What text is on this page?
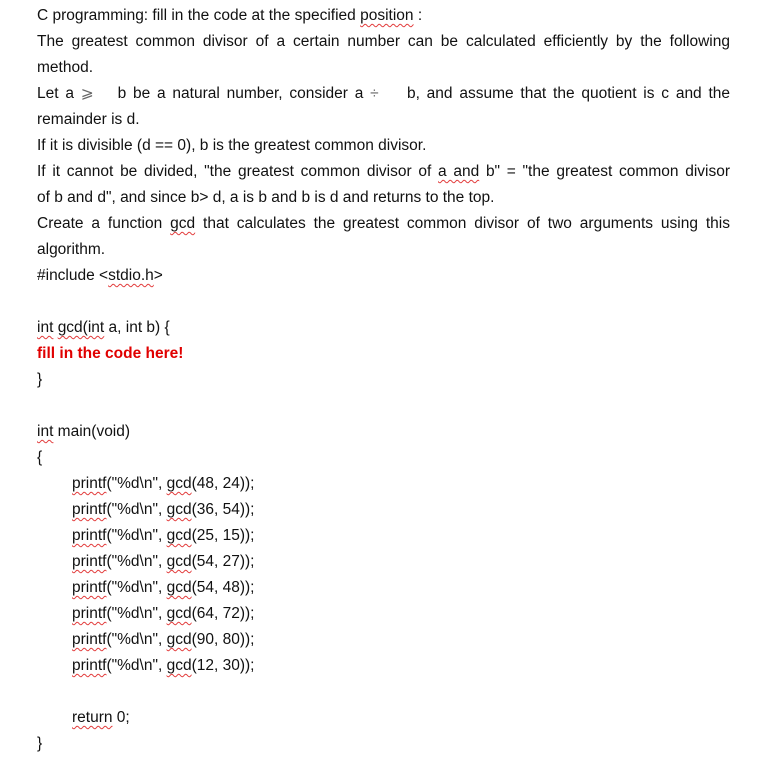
C programming: fill in the code at the specified position :
The greatest common divisor of a certain number can be calculated efficiently by the following
method.
Let a ⩾ b be a natural number, consider a ÷ b, and assume that the quotient is c and the
remainder is d.
If it is divisible (d == 0), b is the greatest common divisor.
If it cannot be divided, "the greatest common divisor of a and b" = "the greatest common divisor
of b and d", and since b> d, a is b and b is d and returns to the top.
Create a function gcd that calculates the greatest common divisor of two arguments using this
algorithm.
#include <stdio.h>
int gcd(int a, int b) {
fill in the code here!
}
int main(void)
{
printf("%d\n", gcd(48, 24));
printf("%d\n", gcd(36, 54));
printf("%d\n", gcd(25, 15));
printf("%d\n", gcd(54, 27));
printf("%d\n", gcd(54, 48));
printf("%d\n", gcd(64, 72));
printf("%d\n", gcd(90, 80));
printf("%d\n", gcd(12, 30));
return 0;
}
